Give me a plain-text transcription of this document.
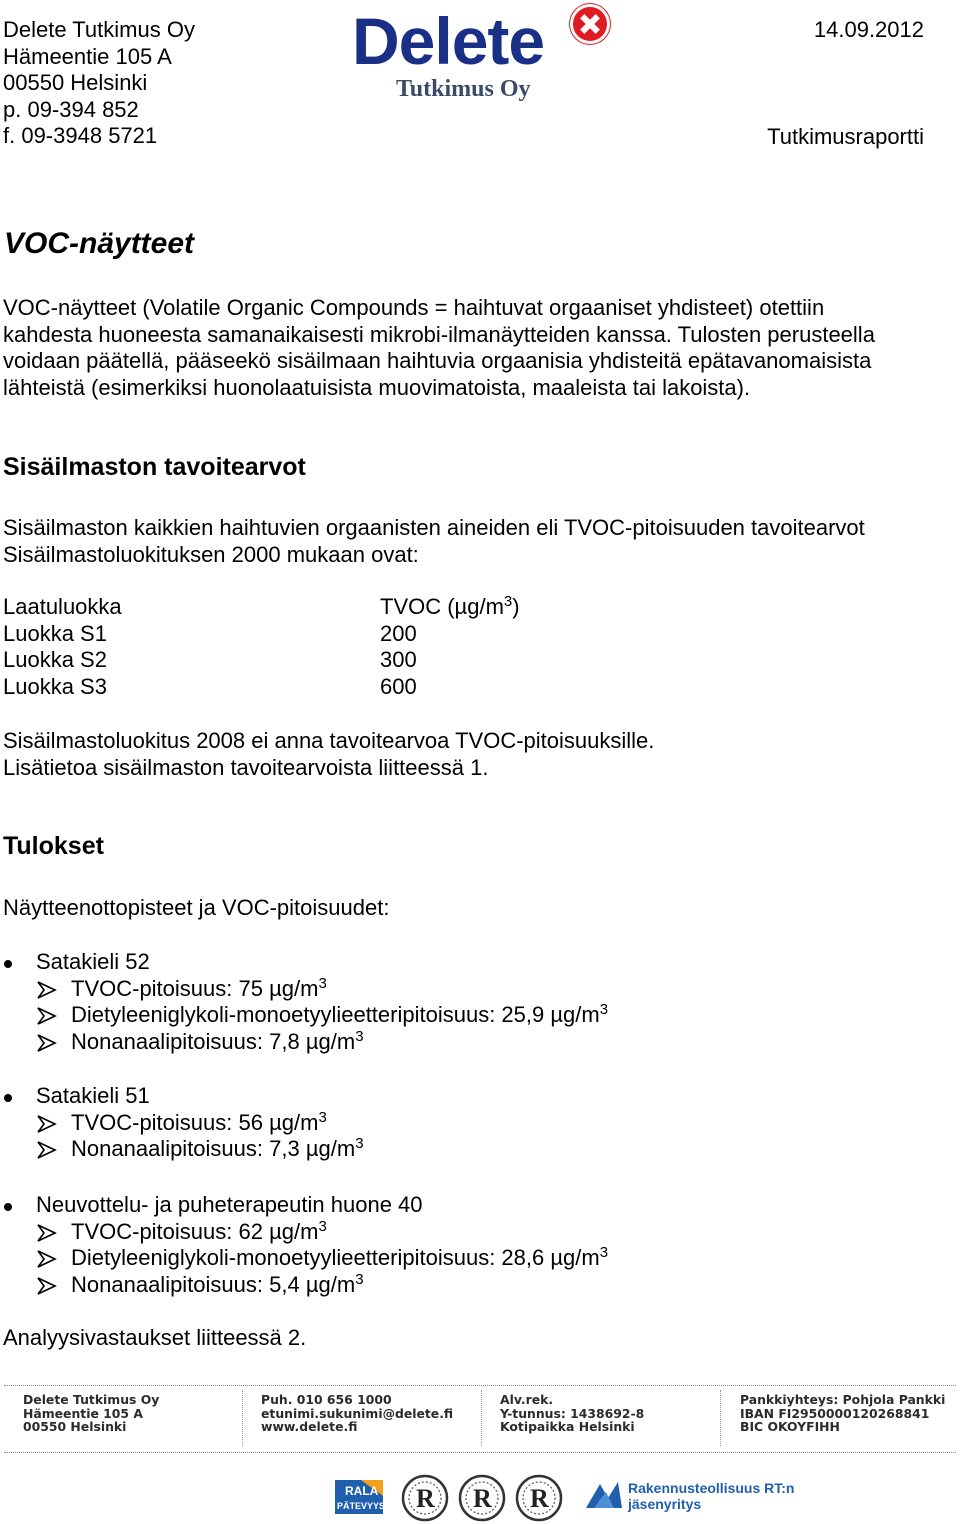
Delete Tutkimus Oy
Hämeentie 105 A
00550 Helsinki
p. 09-394 852
f. 09-3948 5721
Delete
Tutkimus Oy
14.09.2012
Tutkimusraportti
VOC-näytteet
VOC-näytteet (Volatile Organic Compounds = haihtuvat orgaaniset yhdisteet) otettiin
kahdesta huoneesta samanaikaisesti mikrobi-ilmanäytteiden kanssa. Tulosten perusteella
voidaan päätellä, pääseekö sisäilmaan haihtuvia orgaanisia yhdisteitä epätavanomaisista
lähteistä (esimerkiksi huonolaatuisista muovimatoista, maaleista tai lakoista).
Sisäilmaston tavoitearvot
Sisäilmaston kaikkien haihtuvien orgaanisten aineiden eli TVOC-pitoisuuden tavoitearvot
Sisäilmastoluokituksen 2000 mukaan ovat:
Laatuluokka	TVOC $(\mu g/m^3)$
Luokka S1	200
Luokka S2	300
Luokka S3	600
Sisäilmastoluokitus 2008 ei anna tavoitearvoa TVOC-pitoisuuksille.
Lisätietoa sisäilmaston tavoitearvoista liitteessä 1.
Tulokset
Näytteenottopisteet ja VOC-pitoisuudet:
Satakieli 52
TVOC-pitoisuus: 75 $\mu g/m^3$
Dietyleeniglykoli-monoetyylieetteripitoisuus: 25,9 $\mu g/m^3$
Nonanaalipitoisuus: 7,8 $\mu g/m^3$
Satakieli 51
TVOC-pitoisuus: 56 $\mu g/m^3$
Nonanaalipitoisuus: 7,3 $\mu g/m^3$
Neuvottelu- ja puheterapeutin huone 40
TVOC-pitoisuus: 62 $\mu g/m^3$
Dietyleeniglykoli-monoetyylieetteripitoisuus: 28,6 $\mu g/m^3$
Nonanaalipitoisuus: 5,4 $\mu g/m^3$
Analyysivastaukset liitteessä 2.
Delete Tutkimus Oy
Hämeentie 105 A
00550 Helsinki
Puh. 010 656 1000
etunimi.sukunimi@delete.fi
www.delete.fi
Alv.rek.
Y-tunnus: 1438692-8
Kotipaikka Helsinki
Pankkiyhteys: Pohjola Pankki
IBAN FI2950000120268841
BIC OKOYFIHH
RALA
PÄTEVYYS R R R	Rakennusteollisuus RT:n
jäsenyritys
